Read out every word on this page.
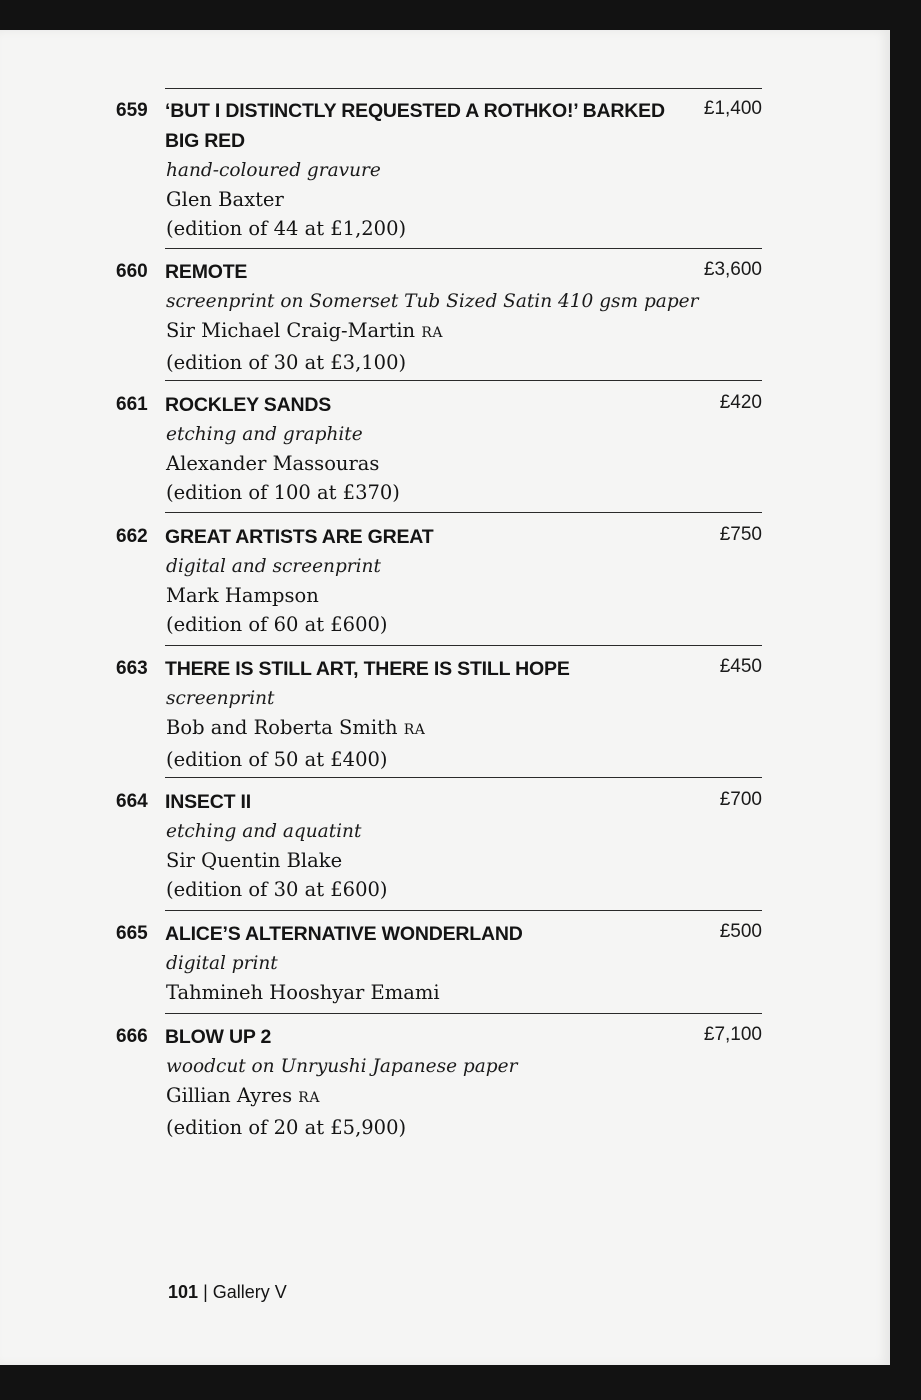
659	£1,400
‘BUT I DISTINCTLY REQUESTED A ROTHKO!’ BARKED BIG RED
hand-coloured gravure
Glen Baxter
(edition of 44 at £1,200)
660	£3,600
REMOTE
screenprint on Somerset Tub Sized Satin 410 gsm paper
Sir Michael Craig-Martin RA
(edition of 30 at £3,100)
661	£420
ROCKLEY SANDS
etching and graphite
Alexander Massouras
(edition of 100 at £370)
662	£750
GREAT ARTISTS ARE GREAT
digital and screenprint
Mark Hampson
(edition of 60 at £600)
663	£450
THERE IS STILL ART, THERE IS STILL HOPE
screenprint
Bob and Roberta Smith RA
(edition of 50 at £400)
664	£700
INSECT II
etching and aquatint
Sir Quentin Blake
(edition of 30 at £600)
665	£500
ALICE’S ALTERNATIVE WONDERLAND
digital print
Tahmineh Hooshyar Emami
666	£7,100
BLOW UP 2
woodcut on Unryushi Japanese paper
Gillian Ayres RA
(edition of 20 at £5,900)
101 | Gallery V
